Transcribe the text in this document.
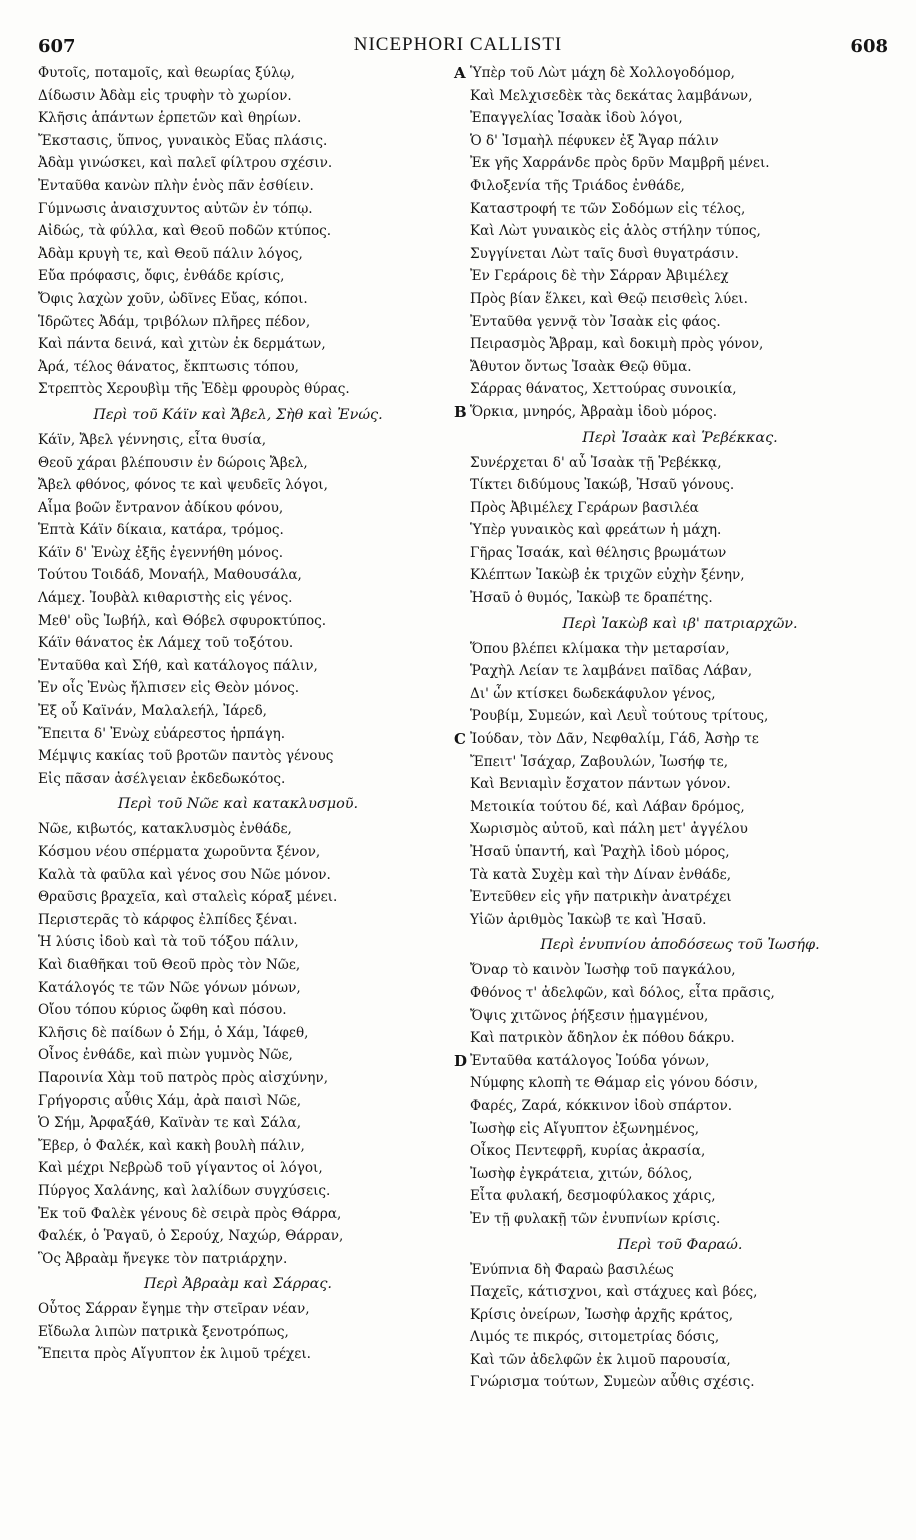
607	NICEPHORI CALLISTI	608
Φυτοῖς, ποταμοῖς, καὶ θεωρίας ξύλῳ,
Δίδωσιν Ἀδὰμ εἰς τρυφὴν τὸ χωρίον.
Κλῆσις ἁπάντων ἑρπετῶν καὶ θηρίων.
Ἔκστασις, ὕπνος, γυναικὸς Εὔας πλάσις.
Ἀδὰμ γινώσκει, καὶ παλεῖ φίλτρου σχέσιν.
Ἐνταῦθα κανὼν πλὴν ἑνὸς πᾶν ἐσθίειν.
Γύμνωσις ἀναισχυντος αὐτῶν ἐν τόπῳ.
Αἰδώς, τὰ φύλλα, καὶ Θεοῦ ποδῶν κτύπος.
Ἀδὰμ κρυγὴ τε, καὶ Θεοῦ πάλιν λόγος,
Εὔα πρόφασις, ὄφις, ἐνθάδε κρίσις,
Ὄφις λαχὼν χοῦν, ὠδῖνες Εὔας, κόποι.
Ἱδρῶτες Ἀδάμ, τριβόλων πλῆρες πέδον,
Καὶ πάντα δεινά, καὶ χιτὼν ἐκ δερμάτων,
Ἀρά, τέλος θάνατος, ἔκπτωσις τόπου,
Στρεπτὸς Χερουβὶμ τῆς Ἐδὲμ φρουρὸς θύρας.
Περὶ τοῦ Κάϊν καὶ Ἄβελ, Σὴθ καὶ Ἐνώς.
Κάϊν, Ἄβελ γέννησις, εἶτα θυσία,
Θεοῦ χάραι βλέπουσιν ἐν δώροις Ἄβελ,
Ἄβελ φθόνος, φόνος τε καὶ ψευδεῖς λόγοι,
Αἷμα βοῶν ἔντρανον ἀδίκου φόνου,
Ἑπτὰ Κάϊν δίκαια, κατάρα, τρόμος.
Κάϊν δ' Ἐνὼχ ἐξῆς ἐγεννήθη μόνος.
Τούτου Τοιδάδ, Μοναήλ, Μαθουσάλα,
Λάμεχ. Ἰουβὰλ κιθαριστὴς εἰς γένος.
Μεθ' οὓς Ἰωβήλ, καὶ Θόβελ σφυροκτύπος.
Κάϊν θάνατος ἐκ Λάμεχ τοῦ τοξότου.
Ἐνταῦθα καὶ Σήθ, καὶ κατάλογος πάλιν,
Ἐν οἷς Ἐνὼς ἤλπισεν εἰς Θεὸν μόνος.
Ἐξ οὗ Καϊνάν, Μαλαλεήλ, Ἰάρεδ,
Ἔπειτα δ' Ἐνὼχ εὐάρεστος ἡρπάγη.
Μέμψις κακίας τοῦ βροτῶν παντὸς γένους
Εἰς πᾶσαν ἀσέλγειαν ἐκδεδωκότος.
Περὶ τοῦ Νῶε καὶ κατακλυσμοῦ.
Νῶε, κιβωτός, κατακλυσμὸς ἐνθάδε,
Κόσμου νέου σπέρματα χωροῦντα ξένον,
Καλὰ τὰ φαῦλα καὶ γένος σου Νῶε μόνον.
Θραῦσις βραχεῖα, καὶ σταλεὶς κόραξ μένει.
Περιστερᾶς τὸ κάρφος ἐλπίδες ξέναι.
Ἡ λύσις ἰδοὺ καὶ τὰ τοῦ τόξου πάλιν,
Καὶ διαθῆκαι τοῦ Θεοῦ πρὸς τὸν Νῶε,
Κατάλογός τε τῶν Νῶε γόνων μόνων,
Οἴου τόπου κύριος ὤφθη καὶ πόσου.
Κλῆσις δὲ παίδων ὁ Σήμ, ὁ Χάμ, Ἰάφεθ,
Οἶνος ἐνθάδε, καὶ πιὼν γυμνὸς Νῶε,
Παροινία Χὰμ τοῦ πατρὸς πρὸς αἰσχύνην,
Γρήγορσις αὖθις Χάμ, ἀρὰ παισὶ Νῶε,
Ὁ Σήμ, Ἀρφαξάθ, Καϊνὰν τε καὶ Σάλα,
Ἔβερ, ὁ Φαλέκ, καὶ κακὴ βουλὴ πάλιν,
Καὶ μέχρι Νεβρὼδ τοῦ γίγαντος οἱ λόγοι,
Πύργος Χαλάνης, καὶ λαλίδων συγχύσεις.
Ἐκ τοῦ Φαλὲκ γένους δὲ σειρὰ πρὸς Θάρρα,
Φαλέκ, ὁ Ῥαγαῦ, ὁ Σερούχ, Ναχώρ, Θάρραν,
Ὃς Ἀβραὰμ ἤνεγκε τὸν πατριάρχην.
Περὶ Ἀβραὰμ καὶ Σάρρας.
Οὗτος Σάρραν ἔγημε τὴν στεῖραν νέαν,
Εἴδωλα λιπὼν πατρικὰ ξενοτρόπως,
Ἔπειτα πρὸς Αἴγυπτον ἐκ λιμοῦ τρέχει.
A Ὑπὲρ τοῦ Λὼτ μάχη δὲ Χολλογοδόμορ,
Καὶ Μελχισεδὲκ τὰς δεκάτας λαμβάνων,
Ἐπαγγελίας Ἰσαὰκ ἰδοὺ λόγοι,
Ὁ δ' Ἰσμαὴλ πέφυκεν ἐξ Ἄγαρ πάλιν
Ἐκ γῆς Χαρράνδε πρὸς δρῦν Μαμβρῆ μένει.
Φιλοξενία τῆς Τριάδος ἐνθάδε,
Καταστροφή τε τῶν Σοδόμων εἰς τέλος,
Καὶ Λὼτ γυναικὸς εἰς ἁλὸς στήλην τύπος,
Συγγίνεται Λὼτ ταῖς δυσὶ θυγατράσιν.
Ἐν Γεράροις δὲ τὴν Σάρραν Ἀβιμέλεχ
Πρὸς βίαν ἕλκει, καὶ Θεῷ πεισθεὶς λύει.
Ἐνταῦθα γεννᾷ τὸν Ἰσαὰκ εἰς φάος.
Πειρασμὸς Ἄβραμ, καὶ δοκιμὴ πρὸς γόνον,
Ἄθυτον ὄντως Ἰσαὰκ Θεῷ θῦμα.
Σάρρας θάνατος, Χεττούρας συνοικία,
B Ὅρκια, μνηρός, Ἀβραὰμ ἰδοὺ μόρος.
Περὶ Ἰσαὰκ καὶ Ῥεβέκκας.
Συνέρχεται δ' αὖ Ἰσαὰκ τῇ Ῥεβέκκᾳ,
Τίκτει διδύμους Ἰακώβ, Ἠσαῦ γόνους.
Πρὸς Ἀβιμέλεχ Γεράρων βασιλέα
Ὑπὲρ γυναικὸς καὶ φρεάτων ἡ μάχη.
Γῆρας Ἰσαάκ, καὶ θέλησις βρωμάτων
Κλέπτων Ἰακὼβ ἐκ τριχῶν εὐχὴν ξένην,
Ἠσαῦ ὁ θυμός, Ἰακὼβ τε δραπέτης.
Περὶ Ἰακὼβ καὶ ιβ' πατριαρχῶν.
Ὅπου βλέπει κλίμακα τὴν μεταρσίαν,
Ῥαχὴλ Λείαν τε λαμβάνει παῖδας Λάβαν,
Δι' ὧν κτίσκει δωδεκάφυλον γένος,
Ῥουβίμ, Συμεών, καὶ Λευῒ τούτους τρίτους,
C Ἰούδαν, τὸν Δᾶν, Νεφθαλίμ, Γάδ, Ἀσὴρ τε
Ἔπειτ' Ἰσάχαρ, Ζαβουλών, Ἰωσήφ τε,
Καὶ Βενιαμὶν ἔσχατον πάντων γόνον.
Μετοικία τούτου δέ, καὶ Λάβαν δρόμος,
Χωρισμὸς αὐτοῦ, καὶ πάλη μετ' ἀγγέλου
Ἠσαῦ ὑπαντή, καὶ Ῥαχὴλ ἰδοὺ μόρος,
Τὰ κατὰ Συχὲμ καὶ τὴν Δίναν ἐνθάδε,
Ἐντεῦθεν εἰς γῆν πατρικὴν ἀνατρέχει
Υἱῶν ἀριθμὸς Ἰακὼβ τε καὶ Ἠσαῦ.
Περὶ ἐνυπνίου ἀποδόσεως τοῦ Ἰωσήφ.
Ὄναρ τὸ καινὸν Ἰωσὴφ τοῦ παγκάλου,
Φθόνος τ' ἀδελφῶν, καὶ δόλος, εἶτα πρᾶσις,
Ὄψις χιτῶνος ῥήξεσιν ᾑμαγμένου,
Καὶ πατρικὸν ἄδηλον ἐκ πόθου δάκρυ.
D Ἐνταῦθα κατάλογος Ἰούδα γόνων,
Νύμφης κλοπὴ τε Θάμαρ εἰς γόνου δόσιν,
Φαρές, Ζαρά, κόκκινον ἰδοὺ σπάρτον.
Ἰωσὴφ εἰς Αἴγυπτον ἐξωνημένος,
Οἶκος Πεντεφρῆ, κυρίας ἀκρασία,
Ἰωσὴφ ἐγκράτεια, χιτών, δόλος,
Εἶτα φυλακή, δεσμοφύλακος χάρις,
Ἐν τῇ φυλακῇ τῶν ἐνυπνίων κρίσις.
Περὶ τοῦ Φαραώ.
Ἐνύπνια δὴ Φαραὼ βασιλέως
Παχεῖς, κάτισχνοι, καὶ στάχυες καὶ βόες,
Κρίσις ὀνείρων, Ἰωσὴφ ἀρχῆς κράτος,
Λιμός τε πικρός, σιτομετρίας δόσις,
Καὶ τῶν ἀδελφῶν ἐκ λιμοῦ παρουσία,
Γνώρισμα τούτων, Συμεὼν αὖθις σχέσις.
